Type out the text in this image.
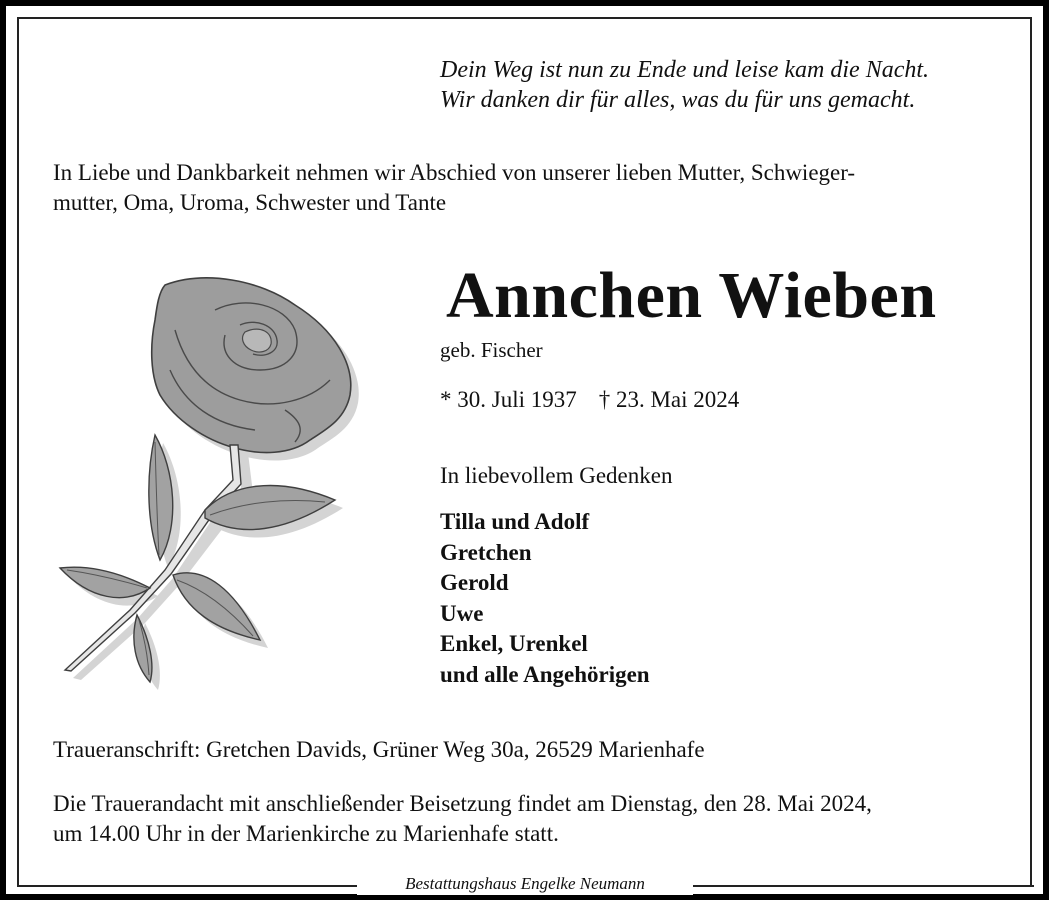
Dein Weg ist nun zu Ende und leise kam die Nacht.
Wir danken dir für alles, was du für uns gemacht.
In Liebe und Dankbarkeit nehmen wir Abschied von unserer lieben Mutter, Schwieger-
mutter, Oma, Uroma, Schwester und Tante
Annchen Wieben
geb. Fischer
* 30. Juli 1937 † 23. Mai 2024
In liebevollem Gedenken
Tilla und Adolf
Gretchen
Gerold
Uwe
Enkel, Urenkel
und alle Angehörigen
Traueranschrift: Gretchen Davids, Grüner Weg 30a, 26529 Marienhafe
Die Trauerandacht mit anschließender Beisetzung findet am Dienstag, den 28. Mai 2024,
um 14.00 Uhr in der Marienkirche zu Marienhafe statt.
Bestattungshaus Engelke Neumann
